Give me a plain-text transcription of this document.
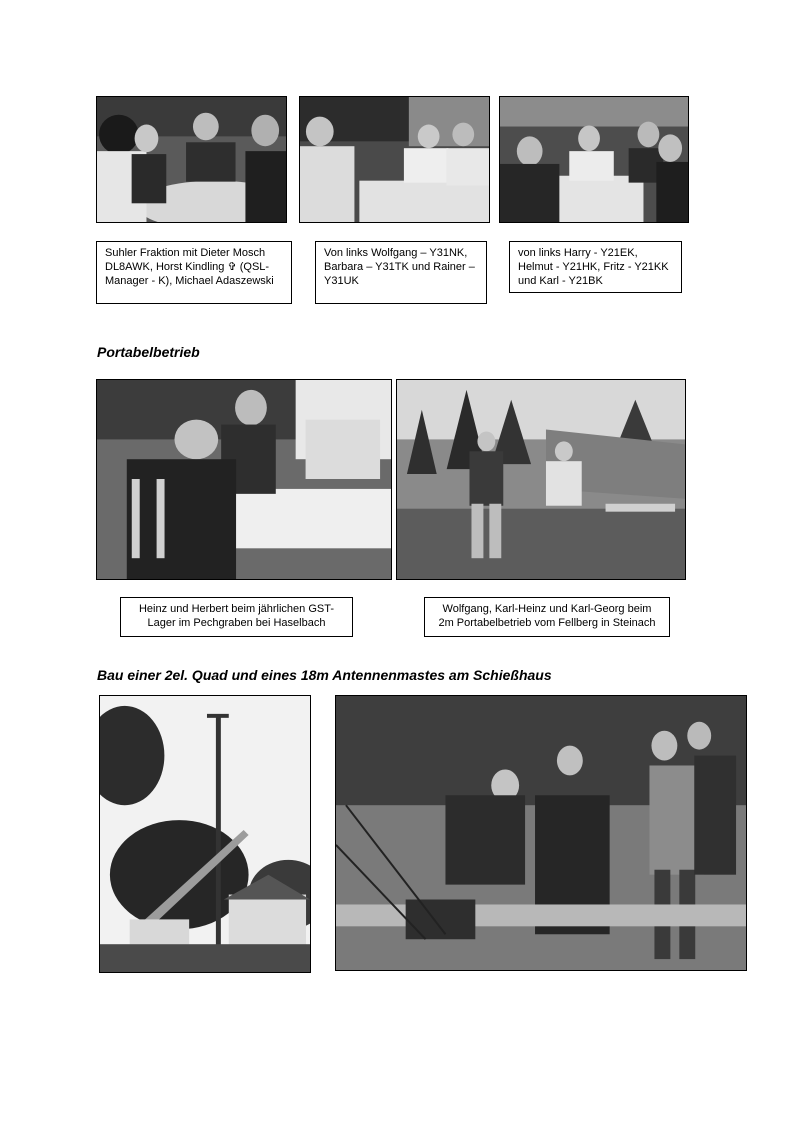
Suhler Fraktion mit Dieter Mosch
DL8AWK, Horst Kindling ✞ (QSL-
Manager - K), Michael Adaszewski
Von links Wolfgang – Y31NK,
Barbara – Y31TK und Rainer –
Y31UK
von links Harry - Y21EK,
Helmut - Y21HK, Fritz - Y21KK
und Karl - Y21BK
Portabelbetrieb
Heinz und Herbert beim jährlichen GST-
Lager im Pechgraben bei Haselbach
Wolfgang, Karl-Heinz und Karl-Georg beim
2m Portabelbetrieb vom Fellberg in Steinach
Bau einer 2el. Quad und eines 18m Antennenmastes am Schießhaus
